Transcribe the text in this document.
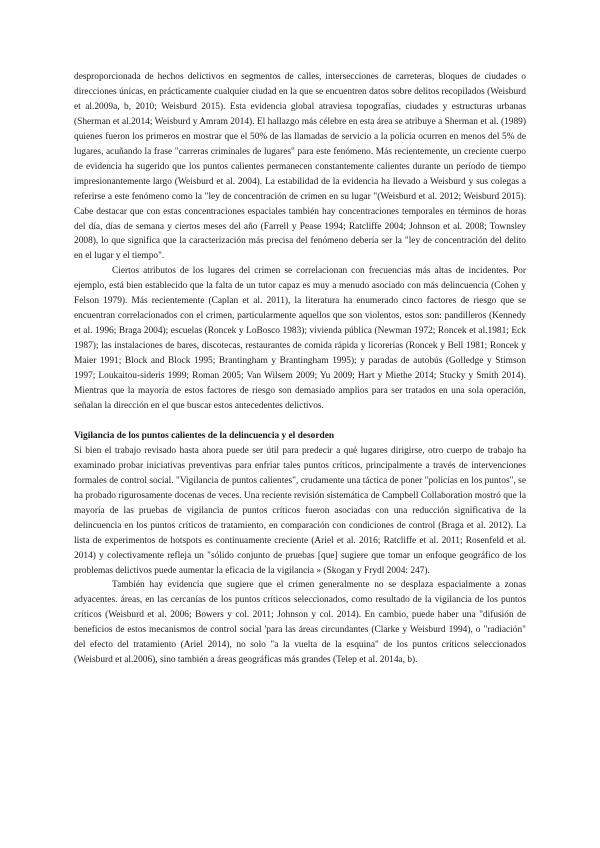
desproporcionada de hechos delictivos en segmentos de calles, intersecciones de carreteras, bloques de ciudades o direcciones únicas, en prácticamente cualquier ciudad en la que se encuentren datos sobre delitos recopilados (Weisburd et al.2009a, b, 2010; Weisburd 2015). Esta evidencia global atraviesa topografías, ciudades y estructuras urbanas (Sherman et al.2014; Weisburd y Amram 2014). El hallazgo más célebre en esta área se atribuye a Sherman et al. (1989) quienes fueron los primeros en mostrar que el 50% de las llamadas de servicio a la policía ocurren en menos del 5% de lugares, acuñando la frase "carreras criminales de lugares" para este fenómeno. Más recientemente, un creciente cuerpo de evidencia ha sugerido que los puntos calientes permanecen constantemente calientes durante un período de tiempo impresionantemente largo (Weisburd et al. 2004). La estabilidad de la evidencia ha llevado a Weisburd y sus colegas a referirse a este fenómeno como la "ley de concentración de crimen en su lugar "(Weisburd et al. 2012; Weisburd 2015). Cabe destacar que con estas concentraciones espaciales también hay concentraciones temporales en términos de horas del día, días de semana y ciertos meses del año (Farrell y Pease 1994; Ratcliffe 2004; Johnson et al. 2008; Townsley 2008), lo que significa que la caracterización más precisa del fenómeno debería ser la "ley de concentración del delito en el lugar y el tiempo".

Ciertos atributos de los lugares del crimen se correlacionan con frecuencias más altas de incidentes. Por ejemplo, está bien establecido que la falta de un tutor capaz es muy a menudo asociado con más delincuencia (Cohen y Felson 1979). Más recientemente (Caplan et al. 2011), la literatura ha enumerado cinco factores de riesgo que se encuentran correlacionados con el crimen, particularmente aquellos que son violentos, estos son: pandilleros (Kennedy et al. 1996; Braga 2004); escuelas (Roncek y LoBosco 1983); vivienda pública (Newman 1972; Roncek et al.1981; Eck 1987); las instalaciones de bares, discotecas, restaurantes de comida rápida y licorerías (Roncek y Bell 1981; Roncek y Maier 1991; Block and Block 1995; Brantingham y Brantingham 1995); y paradas de autobús (Golledge y Stimson 1997; Loukaitou-sideris 1999; Roman 2005; Van Wilsem 2009; Yu 2009; Hart y Miethe 2014; Stucky y Smith 2014). Mientras que la mayoría de estos factores de riesgo son demasiado amplios para ser tratados en una sola operación, señalan la dirección en el que buscar estos antecedentes delictivos.

Vigilancia de los puntos calientes de la delincuencia y el desorden

Si bien el trabajo revisado hasta ahora puede ser útil para predecir a qué lugares dirigirse, otro cuerpo de trabajo ha examinado probar iniciativas preventivas para enfriar tales puntos críticos, principalmente a través de intervenciones formales de control social. "Vigilancia de puntos calientes", crudamente una táctica de poner "policías en los puntos", se ha probado rigurosamente docenas de veces. Una reciente revisión sistemática de Campbell Collaboration mostró que la mayoría de las pruebas de vigilancia de puntos críticos fueron asociadas con una reducción significativa de la delincuencia en los puntos críticos de tratamiento, en comparación con condiciones de control (Braga et al. 2012). La lista de experimentos de hotspots es continuamente creciente (Ariel et al. 2016; Ratcliffe et al. 2011; Rosenfeld et al. 2014) y colectivamente refleja un "sólido conjunto de pruebas [que] sugiere que tomar un enfoque geográfico de los problemas delictivos puede aumentar la eficacia de la vigilancia » (Skogan y Frydl 2004: 247).

También hay evidencia que sugiere que el crimen generalmente no se desplaza espacialmente a zonas adyacentes. áreas, en las cercanías de los puntos críticos seleccionados, como resultado de la vigilancia de los puntos críticos (Weisburd et al. 2006; Bowers y col. 2011; Johnson y col. 2014). En cambio, puede haber una "difusión de beneficios de estos mecanismos de control social 'para las áreas circundantes (Clarke y Weisburd 1994), o "radiación" del efecto del tratamiento (Ariel 2014), no solo "a la vuelta de la esquina" de los puntos críticos seleccionados (Weisburd et al.2006), sino también a áreas geográficas más grandes (Telep et al. 2014a, b).
